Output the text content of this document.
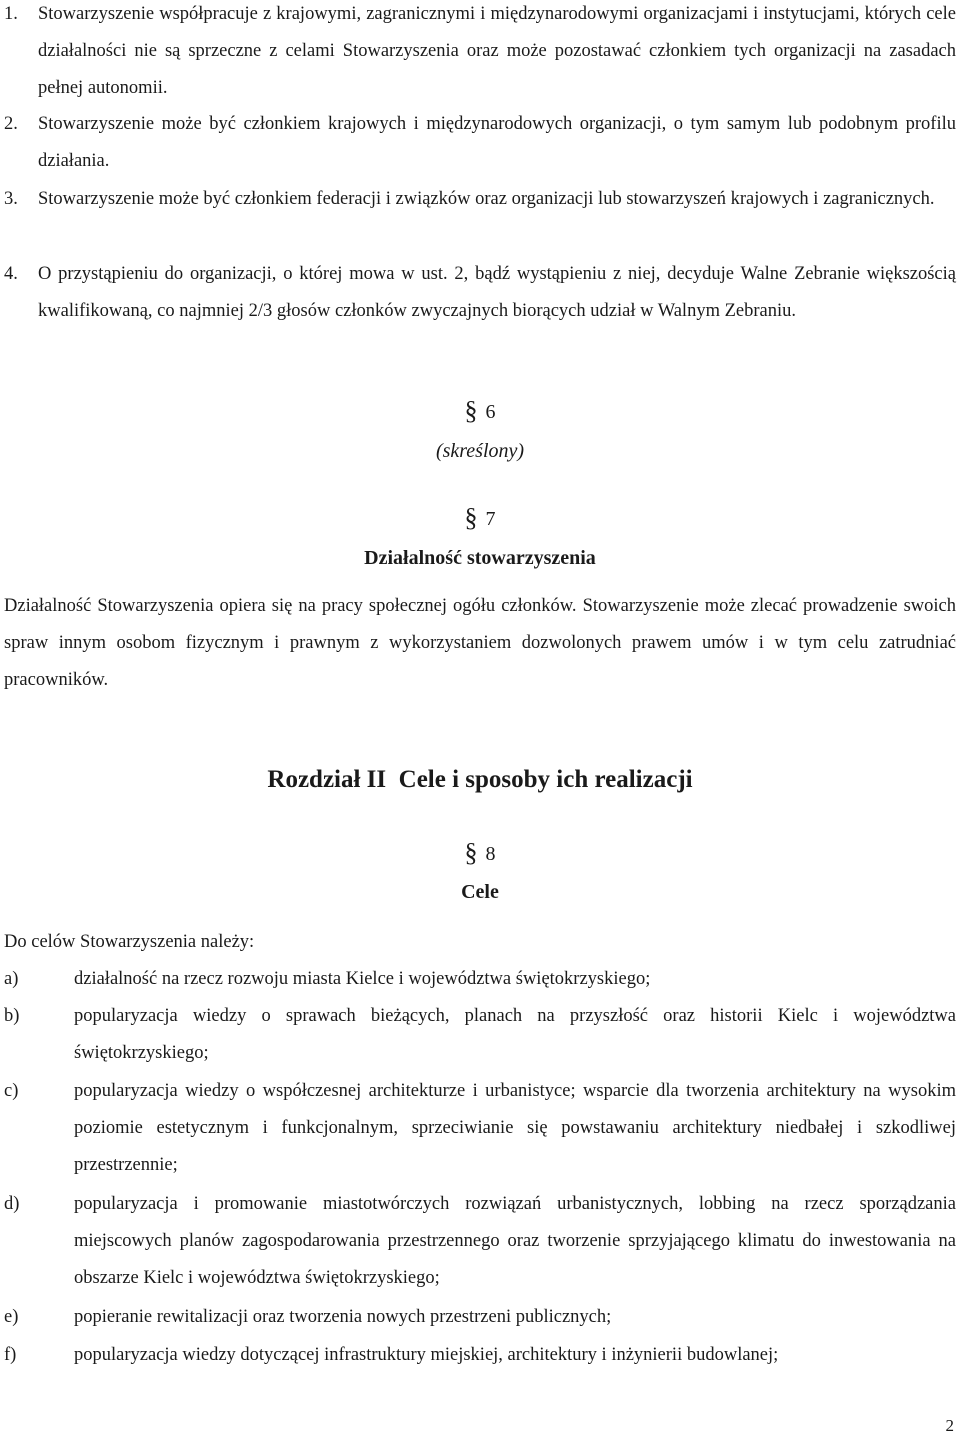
1.	Stowarzyszenie współpracuje z krajowymi, zagranicznymi i międzynarodowymi organizacjami i instytucjami, których cele działalności nie są sprzeczne z celami Stowarzyszenia oraz może pozostawać członkiem tych organizacji na zasadach pełnej autonomii.
2.	Stowarzyszenie może być członkiem krajowych i międzynarodowych organizacji, o tym samym lub podobnym profilu działania.
3.	Stowarzyszenie może być członkiem federacji i związków oraz organizacji lub stowarzyszeń krajowych i zagranicznych.
4.	O przystąpieniu do organizacji, o której mowa w ust. 2, bądź wystąpieniu z niej, decyduje Walne Zebranie większością kwalifikowaną, co najmniej 2/3 głosów członków zwyczajnych biorących udział w Walnym Zebraniu.
§ 6
(skreślony)
§ 7
Działalność stowarzyszenia
Działalność Stowarzyszenia opiera się na pracy społecznej ogółu członków. Stowarzyszenie może zlecać prowadzenie swoich spraw innym osobom fizycznym i prawnym z wykorzystaniem dozwolonych prawem umów i w tym celu zatrudniać pracowników.
Rozdział II  Cele i sposoby ich realizacji
§ 8
Cele
Do celów Stowarzyszenia należy:
a)	działalność na rzecz rozwoju miasta Kielce i województwa świętokrzyskiego;
b)	popularyzacja wiedzy o sprawach bieżących, planach na przyszłość oraz historii Kielc i województwa świętokrzyskiego;
c)	popularyzacja wiedzy o współczesnej architekturze i urbanistyce; wsparcie dla tworzenia architektury na wysokim poziomie estetycznym i funkcjonalnym, sprzeciwianie się powstawaniu architektury niedbałej i szkodliwej przestrzennie;
d)	popularyzacja i promowanie miastotwórczych rozwiązań urbanistycznych, lobbing na rzecz sporządzania miejscowych planów zagospodarowania przestrzennego oraz tworzenie sprzyjającego klimatu do inwestowania na obszarze Kielc i województwa świętokrzyskiego;
e)	popieranie rewitalizacji oraz tworzenia nowych przestrzeni publicznych;
f)	popularyzacja wiedzy dotyczącej infrastruktury miejskiej, architektury i inżynierii budowlanej;
2
